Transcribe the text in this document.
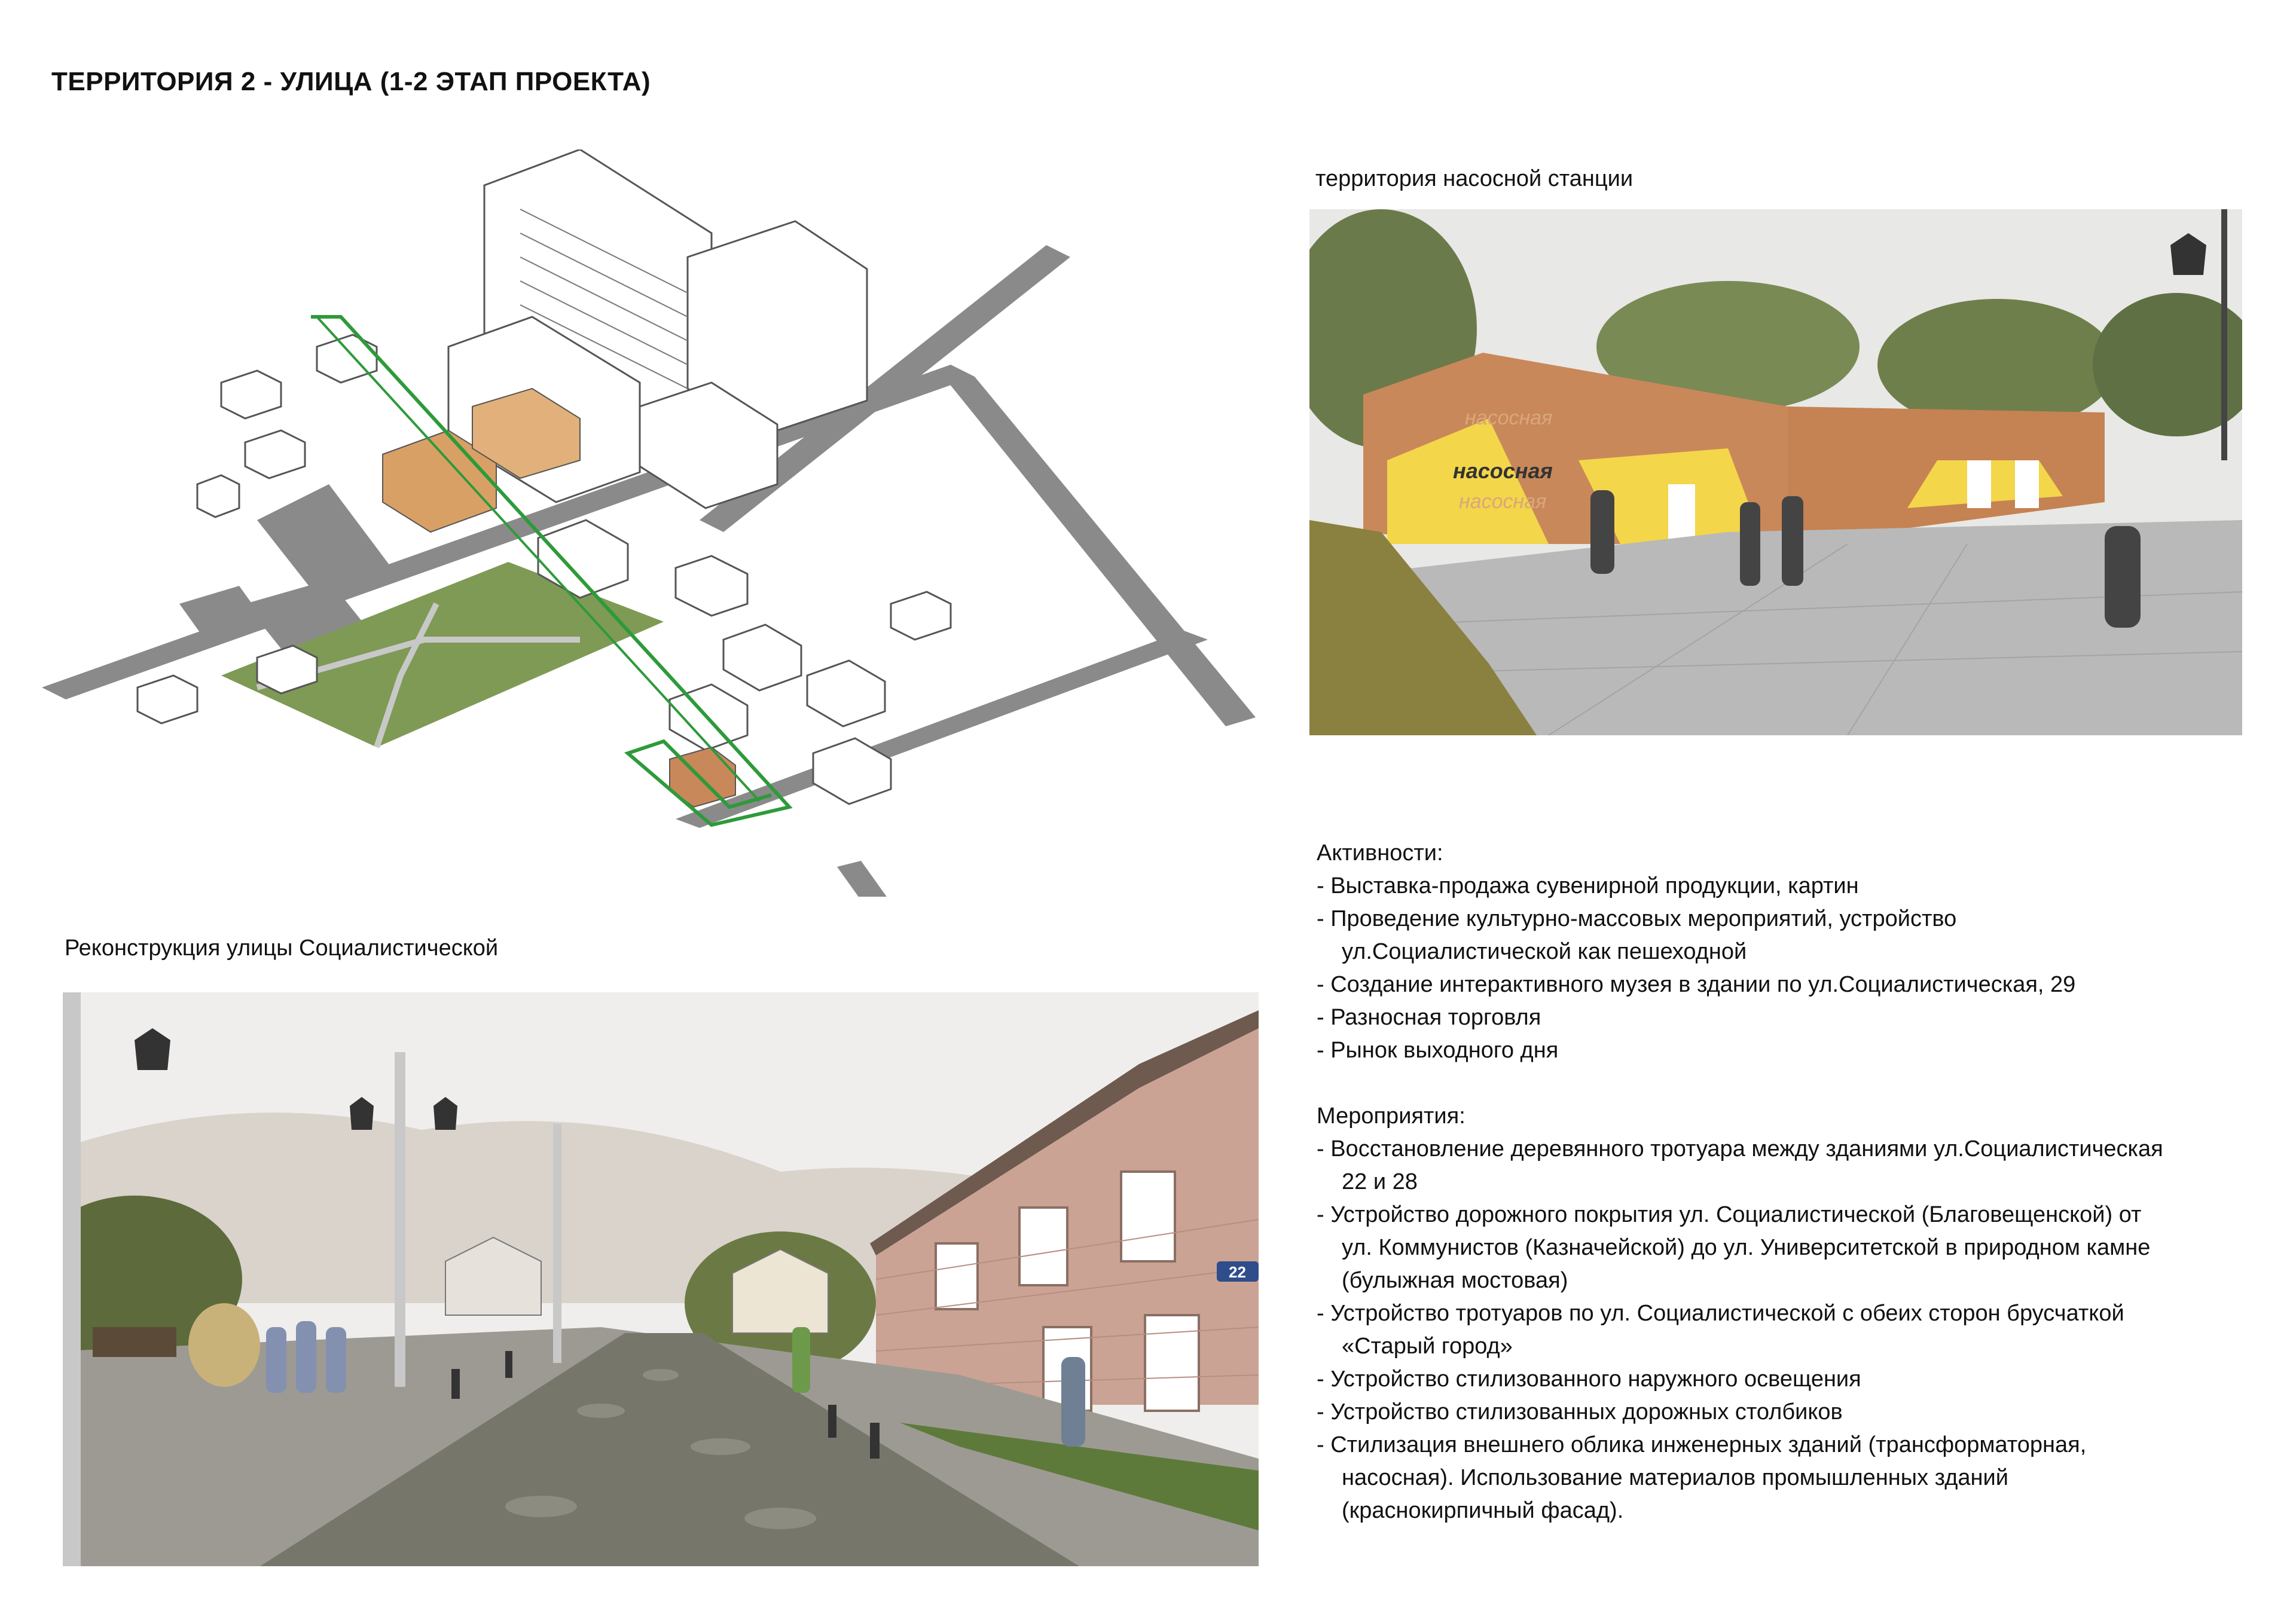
ТЕРРИТОРИЯ 2 - УЛИЦА (1-2 ЭТАП ПРОЕКТА)
территория насосной станции
насосная
насосная
насосная
Реконструкция улицы Социалистической
22
Активности:
- Выставка-продажа сувенирной продукции, картин
- Проведение культурно-массовых мероприятий, устройство
ул.Социалистической как пешеходной
- Создание интерактивного музея в здании по ул.Социалистическая, 29
- Разносная торговля
- Рынок выходного дня
Мероприятия:
- Восстановление деревянного тротуара между зданиями ул.Социалистическая
22 и 28
- Устройство дорожного покрытия ул. Социалистической (Благовещенской) от
ул. Коммунистов (Казначейской) до ул. Университетской в природном камне
(булыжная мостовая)
- Устройство тротуаров по ул. Социалистической с обеих сторон брусчаткой
«Старый город»
- Устройство стилизованного наружного освещения
- Устройство стилизованных дорожных столбиков
- Стилизация внешнего облика инженерных зданий (трансформаторная,
насосная). Использование материалов промышленных зданий
(краснокирпичный фасад).
